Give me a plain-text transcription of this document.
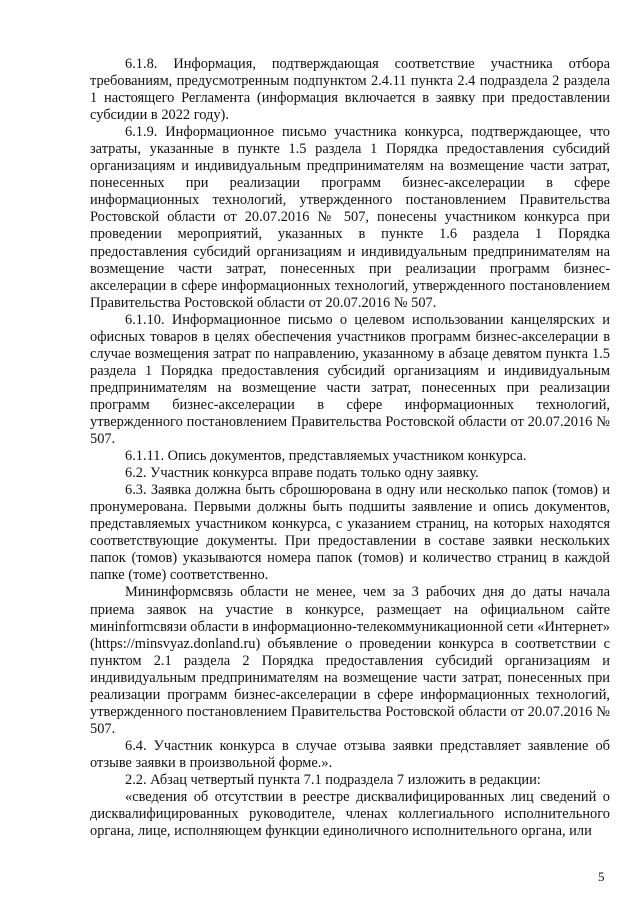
6.1.8. Информация, подтверждающая соответствие участника отбора требованиям, предусмотренным подпунктом 2.4.11 пункта 2.4 подраздела 2 раздела 1 настоящего Регламента (информация включается в заявку при предоставлении субсидии в 2022 году).

6.1.9. Информационное письмо участника конкурса, подтверждающее, что затраты, указанные в пункте 1.5 раздела 1 Порядка предоставления субсидий организациям и индивидуальным предпринимателям на возмещение части затрат, понесенных при реализации программ бизнес-акселерации в сфере информационных технологий, утвержденного постановлением Правительства Ростовской области от 20.07.2016 № 507, понесены участником конкурса при проведении мероприятий, указанных в пункте 1.6 раздела 1 Порядка предоставления субсидий организациям и индивидуальным предпринимателям на возмещение части затрат, понесенных при реализации программ бизнес-акселерации в сфере информационных технологий, утвержденного постановлением Правительства Ростовской области от 20.07.2016 № 507.

6.1.10. Информационное письмо о целевом использовании канцелярских и офисных товаров в целях обеспечения участников программ бизнес-акселерации в случае возмещения затрат по направлению, указанному в абзаце девятом пункта 1.5 раздела 1 Порядка предоставления субсидий организациям и индивидуальным предпринимателям на возмещение части затрат, понесенных при реализации программ бизнес-акселерации в сфере информационных технологий, утвержденного постановлением Правительства Ростовской области от 20.07.2016 № 507.

6.1.11. Опись документов, представляемых участником конкурса.

6.2. Участник конкурса вправе подать только одну заявку.

6.3. Заявка должна быть сброшюрована в одну или несколько папок (томов) и пронумерована. Первыми должны быть подшиты заявление и опись документов, представляемых участником конкурса, с указанием страниц, на которых находятся соответствующие документы. При предоставлении в составе заявки нескольких папок (томов) указываются номера папок (томов) и количество страниц в каждой папке (томе) соответственно.

Мининформсвязь области не менее, чем за 3 рабочих дня до даты начала приема заявок на участие в конкурсе, размещает на официальном сайте минinformсвязи области в информационно-телекоммуникационной сети «Интернет» (https://minsvyaz.donland.ru) объявление о проведении конкурса в соответствии с пунктом 2.1 раздела 2 Порядка предоставления субсидий организациям и индивидуальным предпринимателям на возмещение части затрат, понесенных при реализации программ бизнес-акселерации в сфере информационных технологий, утвержденного постановлением Правительства Ростовской области от 20.07.2016 № 507.

6.4. Участник конкурса в случае отзыва заявки представляет заявление об отзыве заявки в произвольной форме.».

2.2. Абзац четвертый пункта 7.1 подраздела 7 изложить в редакции:

«сведения об отсутствии в реестре дисквалифицированных лиц сведений о дисквалифицированных руководителе, членах коллегиального исполнительного органа, лице, исполняющем функции единоличного исполнительного органа, или

5
